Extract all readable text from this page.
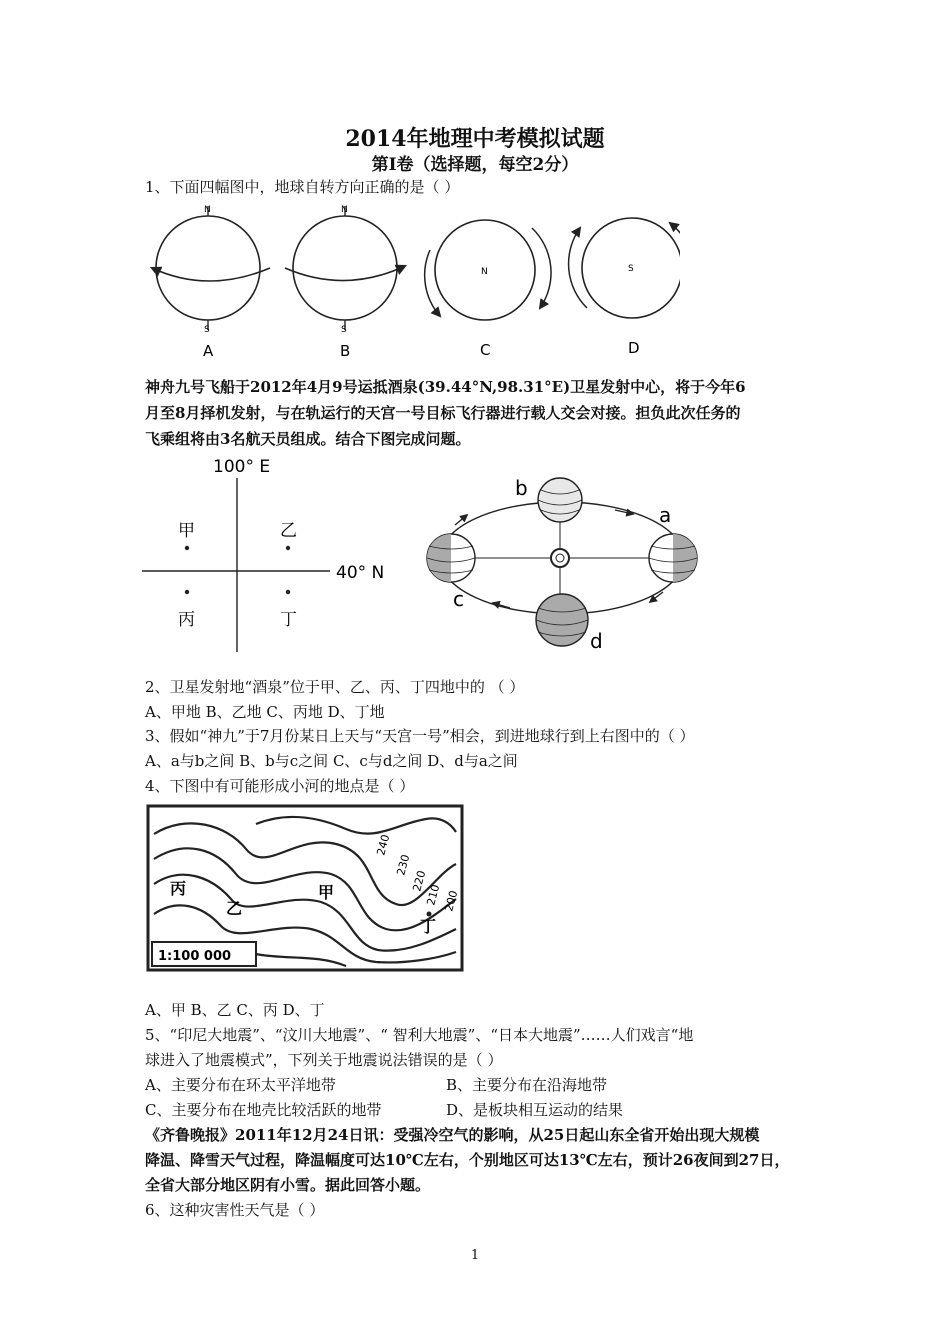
2014年地理中考模拟试题
第Ⅰ卷（选择题，每空2分）
1、下面四幅图中，地球自转方向正确的是（ ）
N
S
N
S
N	S
A	B	C	D
神舟九号飞船于2012年4月9号运抵酒泉(39.44°N,98.31°E)卫星发射中心，将于今年6
月至8月择机发射，与在轨运行的天宫一号目标飞行器进行载人交会对接。担负此次任务的
飞乘组将由3名航天员组成。结合下图完成问题。
100° E
40° N
甲	乙
丙	丁
b
a
c
d
2、卫星发射地“酒泉”位于甲、乙、丙、丁四地中的 （ ）
A、甲地 B、乙地 C、丙地 D、丁地
3、假如“神九”于7月份某日上天与“天宫一号”相会，到进地球行到上右图中的（ ）
A、a与b之间 B、b与c之间 C、c与d之间 D、d与a之间
4、下图中有可能形成小河的地点是（ ）
丙
乙
甲
丁
240
230
220
210 200
1:100 000
A、甲 B、乙 C、丙 D、丁
5、“印尼大地震”、“汶川大地震”、“ 智利大地震”、“日本大地震”……人们戏言“地
球进入了地震模式”，下列关于地震说法错误的是（ ）
A、主要分布在环太平洋地带	B、主要分布在沿海地带
C、主要分布在地壳比较活跃的地带	D、是板块相互运动的结果
《齐鲁晚报》2011年12月24日讯：受强冷空气的影响，从25日起山东全省开始出现大规模
降温、降雪天气过程，降温幅度可达10℃左右，个别地区可达13℃左右，预计26夜间到27日，
全省大部分地区阴有小雪。据此回答小题。
6、这种灾害性天气是（ ）
1
